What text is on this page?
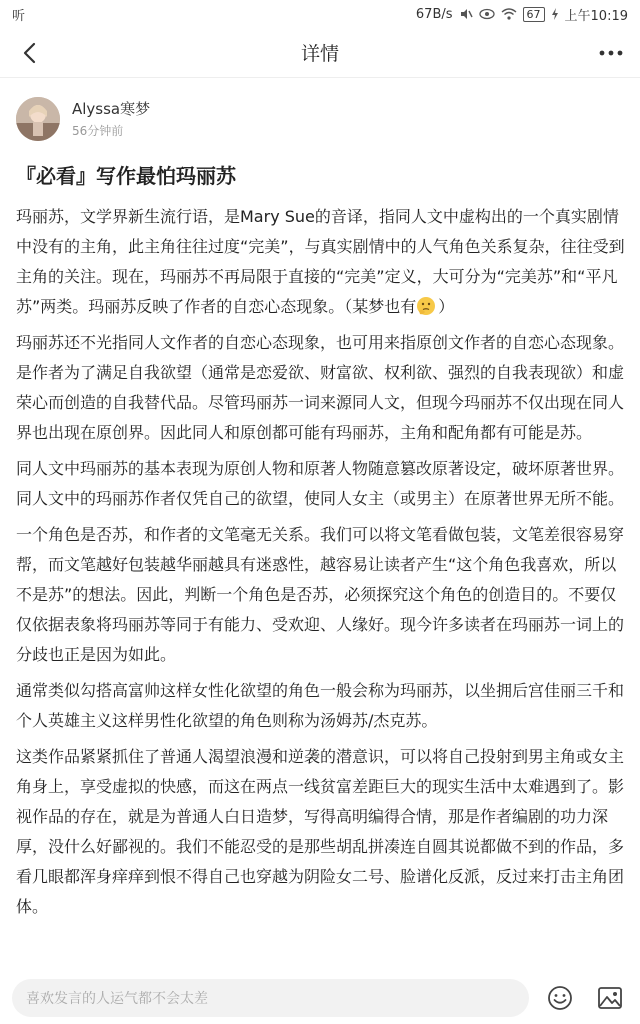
听	67B/s	67	上午10:19
详情
Alyssa寒梦
56分钟前
『必看』写作最怕玛丽苏

玛丽苏，文学界新生流行语，是Mary Sue的音译，指同人文中虚构出的一个真实剧情中没有的主角，此主角往往过度“完美”，与真实剧情中的人气角色关系复杂，往往受到主角的关注。现在，玛丽苏不再局限于直接的“完美”定义，大可分为“完美苏”和“平凡苏”两类。玛丽苏反映了作者的自恋心态现象。（某梦也有 ）

玛丽苏还不光指同人文作者的自恋心态现象，也可用来指原创文作者的自恋心态现象。是作者为了满足自我欲望（通常是恋爱欲、财富欲、权利欲、强烈的自我表现欲）和虚荣心而创造的自我替代品。尽管玛丽苏一词来源同人文，但现今玛丽苏不仅出现在同人界也出现在原创界。因此同人和原创都可能有玛丽苏，主角和配角都有可能是苏。

同人文中玛丽苏的基本表现为原创人物和原著人物随意篡改原著设定，破坏原著世界。同人文中的玛丽苏作者仅凭自己的欲望，使同人女主（或男主）在原著世界无所不能。

一个角色是否苏，和作者的文笔毫无关系。我们可以将文笔看做包装，文笔差很容易穿帮，而文笔越好包装越华丽越具有迷惑性，越容易让读者产生“这个角色我喜欢，所以不是苏”的想法。因此，判断一个角色是否苏，必须探究这个角色的创造目的。不要仅仅依据表象将玛丽苏等同于有能力、受欢迎、人缘好。现今许多读者在玛丽苏一词上的分歧也正是因为如此。

通常类似勾搭高富帅这样女性化欲望的角色一般会称为玛丽苏，以坐拥后宫佳丽三千和个人英雄主义这样男性化欲望的角色则称为汤姆苏/杰克苏。

这类作品紧紧抓住了普通人渴望浪漫和逆袭的潜意识，可以将自己投射到男主角或女主角身上，享受虚拟的快感，而这在两点一线贫富差距巨大的现实生活中太难遇到了。影视作品的存在，就是为普通人白日造梦，写得高明编得合情，那是作者编剧的功力深厚，没什么好鄙视的。我们不能忍受的是那些胡乱拼凑连自圆其说都做不到的作品，多看几眼都浑身痒痒到恨不得自己也穿越为阴险女二号、脸谱化反派，反过来打击主角团体。

喜欢发言的人运气都不会太差
